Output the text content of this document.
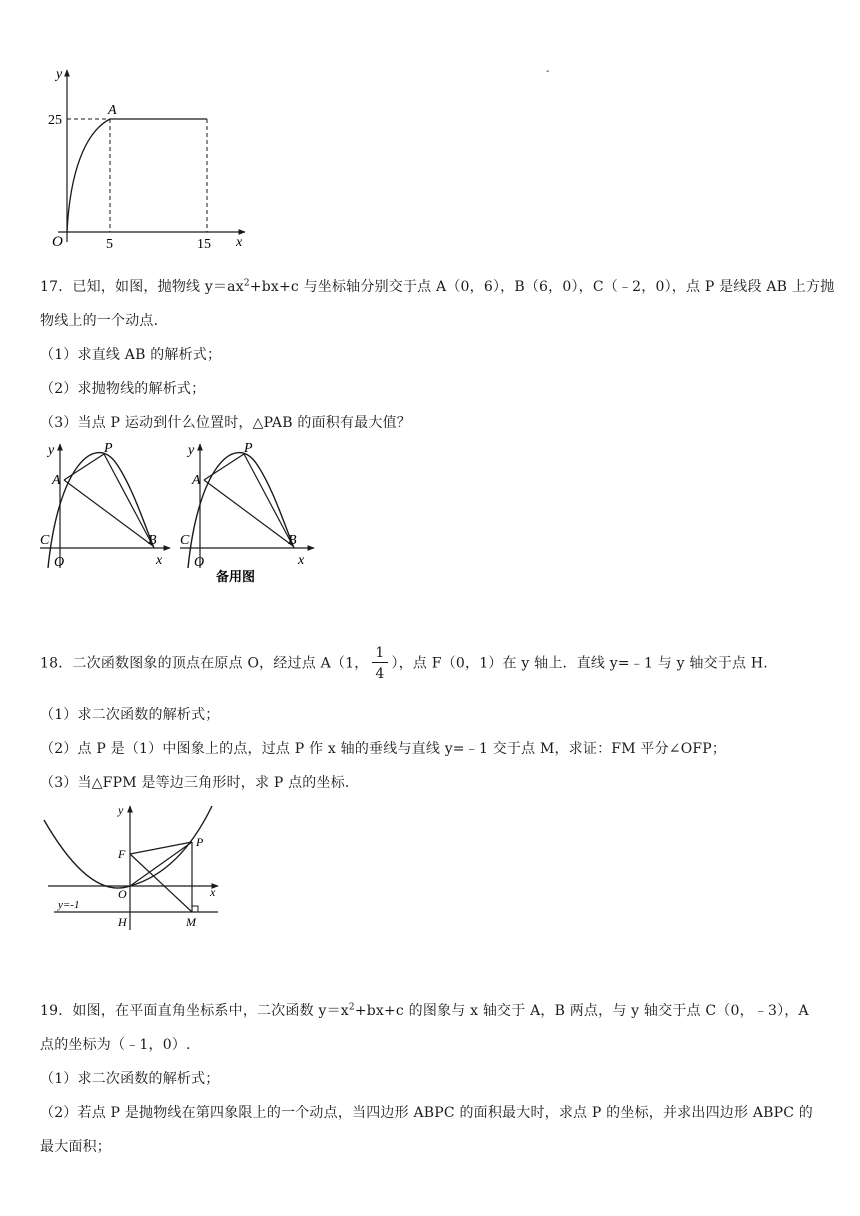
-
y
x
O
25
5	15
A
17．已知，如图，抛物线 $y=ax^2+bx+c$ 与坐标轴分别交于点 A（0，6），B（6，0），C（﹣2，0），点 P 是线段 AB 上方抛
物线上的一个动点．
（1）求直线 AB 的解析式；
（2）求抛物线的解析式；
（3）当点 P 运动到什么位置时，△PAB 的面积有最大值？
y	P
A
C
O
B
x
y	P
A
C
O
B
x
备用图
18．二次函数图象的顶点在原点 O，经过点 A（1， $\frac{1}{4}$ ），点 F（0，1）在 y 轴上．直线 y=﹣1 与 y 轴交于点 H.
（1）求二次函数的解析式；
（2）点 P 是（1）中图象上的点，过点 P 作 x 轴的垂线与直线 y=﹣1 交于点 M，求证：FM 平分∠OFP；
（3）当△FPM 是等边三角形时，求 P 点的坐标.
y
F
P
O	x
y=-1
H	M
19．如图，在平面直角坐标系中，二次函数 $y=x^2+bx+c$ 的图象与 x 轴交于 A，B 两点，与 y 轴交于点 C（0，﹣3），A
点的坐标为（﹣1，0）.
（1）求二次函数的解析式；
（2）若点 P 是抛物线在第四象限上的一个动点，当四边形 ABPC 的面积最大时，求点 P 的坐标，并求出四边形 ABPC 的
最大面积；
